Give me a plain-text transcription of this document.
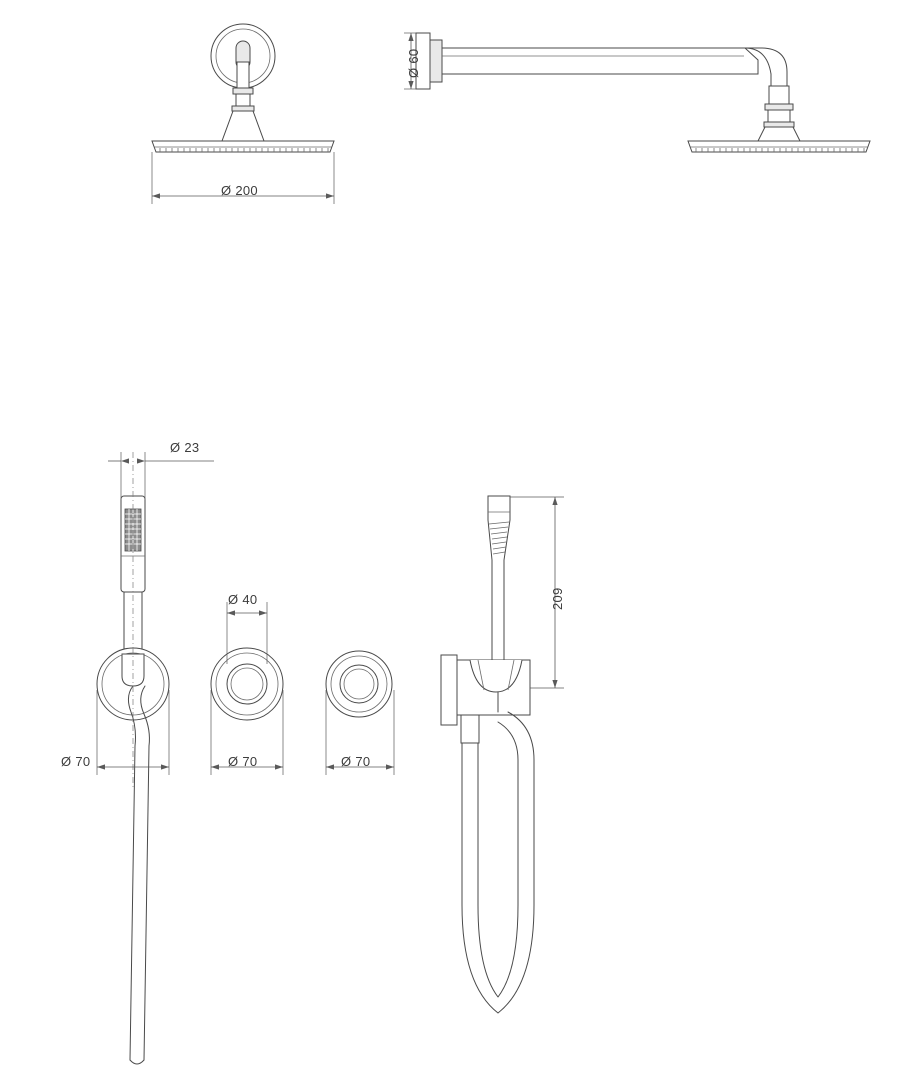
Ø 200
Ø 60
Ø 23
Ø 70
Ø 40
Ø 70	Ø 70
209
